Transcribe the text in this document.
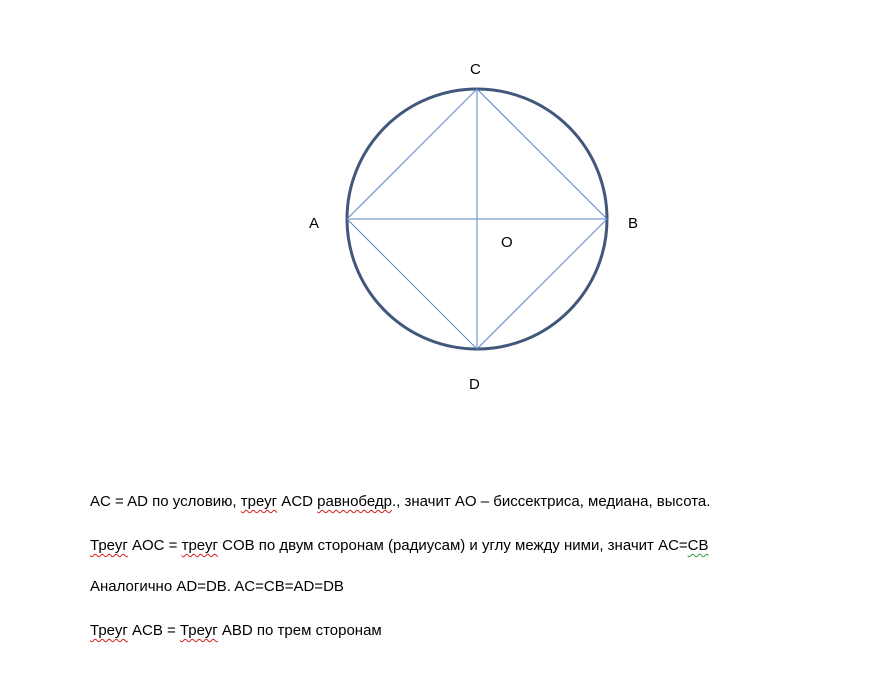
C
A	B
O
D
AC = AD по условию, треуг ACD равнобедр., значит AO – биссектриса, медиана, высота.
Треуг AOC = треуг COB по двум сторонам (радиусам) и углу между ними, значит AC=CB
Аналогично AD=DB. AC=CB=AD=DB
Треуг ACB = Треуг ABD по трем сторонам
